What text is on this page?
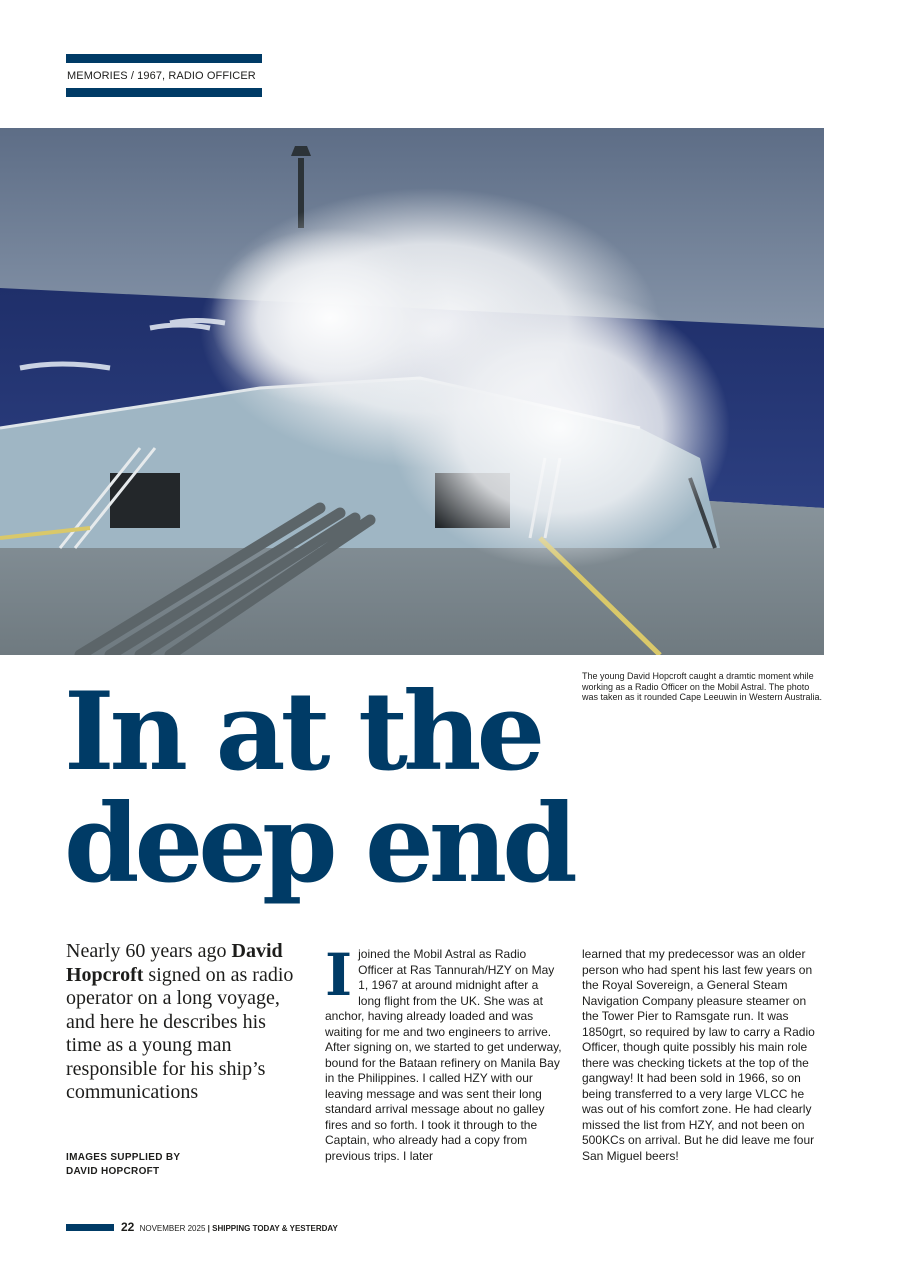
MEMORIES / 1967, RADIO OFFICER
The young David Hopcroft caught a dramtic moment while working as a Radio Officer on the Mobil Astral. The photo was taken as it rounded Cape Leeuwin in Western Australia.
In at the
deep end
Nearly 60 years ago David Hopcroft signed on as radio operator on a long voyage, and here he describes his time as a young man responsible for his ship’s communications
IMAGES SUPPLIED BY
DAVID HOPCROFT
I joined the Mobil Astral as Radio Officer at Ras Tannurah/HZY on May 1, 1967 at around midnight after a long flight from the UK. She was at anchor, having already loaded and was waiting for me and two engineers to arrive. After signing on, we started to get underway, bound for the Bataan refinery on Manila Bay in the Philippines. I called HZY with our leaving message and was sent their long standard arrival message about no galley fires and so forth. I took it through to the Captain, who already had a copy from previous trips. I later

learned that my predecessor was an older person who had spent his last few years on the Royal Sovereign, a General Steam Navigation Company pleasure steamer on the Tower Pier to Ramsgate run. It was 1850grt, so required by law to carry a Radio Officer, though quite possibly his main role there was checking tickets at the top of the gangway! It had been sold in 1966, so on being transferred to a very large VLCC he was out of his comfort zone. He had clearly missed the list from HZY, and not been on 500KCs on arrival. But he did leave me four San Miguel beers!

22 NOVEMBER 2025 | SHIPPING TODAY & YESTERDAY
